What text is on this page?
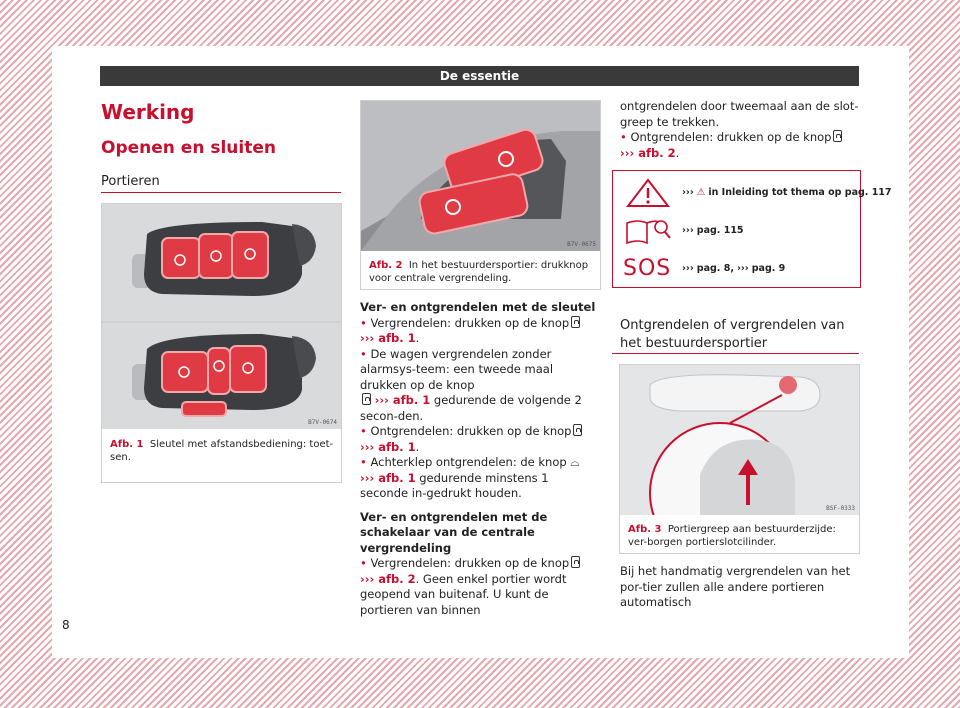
De essentie
Werking
Openen en sluiten
Portieren
B7V-0674
Afb. 1 Sleutel met afstandsbediening: toet-sen.
B7V-0675
Afb. 2 In het bestuurdersportier: drukknop voor centrale vergrendeling.

Ver- en ontgrendelen met de sleutel

• Vergrendelen: drukken op de knop
››› afb. 1.

• De wagen vergrendelen zonder alarmsys-teem: een tweede maal drukken op de knop
››› afb. 1 gedurende de volgende 2 secon-den.

• Ontgrendelen: drukken op de knop
››› afb. 1.

• Achterklep ontgrendelen: de knop ⌓
››› afb. 1 gedurende minstens 1 seconde in-gedrukt houden.

Ver- en ontgrendelen met de schakelaar van de centrale vergrendeling

• Vergrendelen: drukken op de knop
››› afb. 2. Geen enkel portier wordt geopend van buitenaf. U kunt de portieren van binnen

ontgrendelen door tweemaal aan de slot-greep te trekken.

• Ontgrendelen: drukken op de knop
››› afb. 2.

››› ⚠ in Inleiding tot thema op pag. 117
››› pag. 115
SOS ››› pag. 8, ››› pag. 9
Ontgrendelen of vergrendelen van het bestuurdersportier
BSF-0333
Afb. 3 Portiergreep aan bestuurderzijde: ver-borgen portierslotcilinder.
Bij het handmatig vergrendelen van het por-tier zullen alle andere portieren automatisch
8
